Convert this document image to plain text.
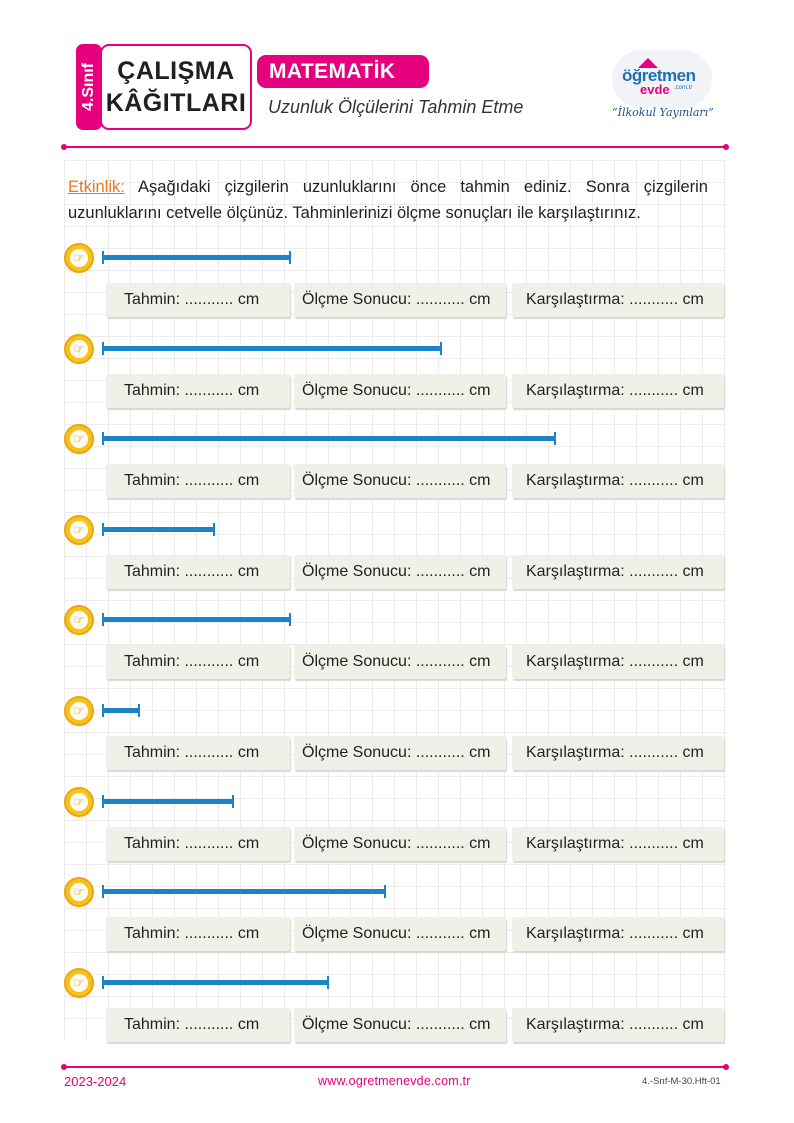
4.Sınıf ÇALIŞMA
KÂĞITLARI
MATEMATİK
Uzunluk Ölçülerini Tahmin Etme
öğretmen
evde .com.tr
“İlkokul Yayınları”

Etkinlik: Aşağıdaki çizgilerin uzunluklarını önce tahmin ediniz. Sonra çizgilerin uzunluklarını cetvelle ölçünüz. Tahminlerinizi ölçme sonuçları ile karşılaştırınız.

☞
Tahmin: ........... cm	Ölçme Sonucu: ........... cm	Karşılaştırma: ........... cm
☞
Tahmin: ........... cm	Ölçme Sonucu: ........... cm	Karşılaştırma: ........... cm
☞
Tahmin: ........... cm	Ölçme Sonucu: ........... cm	Karşılaştırma: ........... cm
☞
Tahmin: ........... cm	Ölçme Sonucu: ........... cm	Karşılaştırma: ........... cm
☞
Tahmin: ........... cm	Ölçme Sonucu: ........... cm	Karşılaştırma: ........... cm
☞
Tahmin: ........... cm	Ölçme Sonucu: ........... cm	Karşılaştırma: ........... cm
☞
Tahmin: ........... cm	Ölçme Sonucu: ........... cm	Karşılaştırma: ........... cm
☞
Tahmin: ........... cm	Ölçme Sonucu: ........... cm	Karşılaştırma: ........... cm
☞
Tahmin: ........... cm	Ölçme Sonucu: ........... cm	Karşılaştırma: ........... cm
2023-2024	www.ogretmenevde.com.tr	4.-Snf-M-30.Hft-01
